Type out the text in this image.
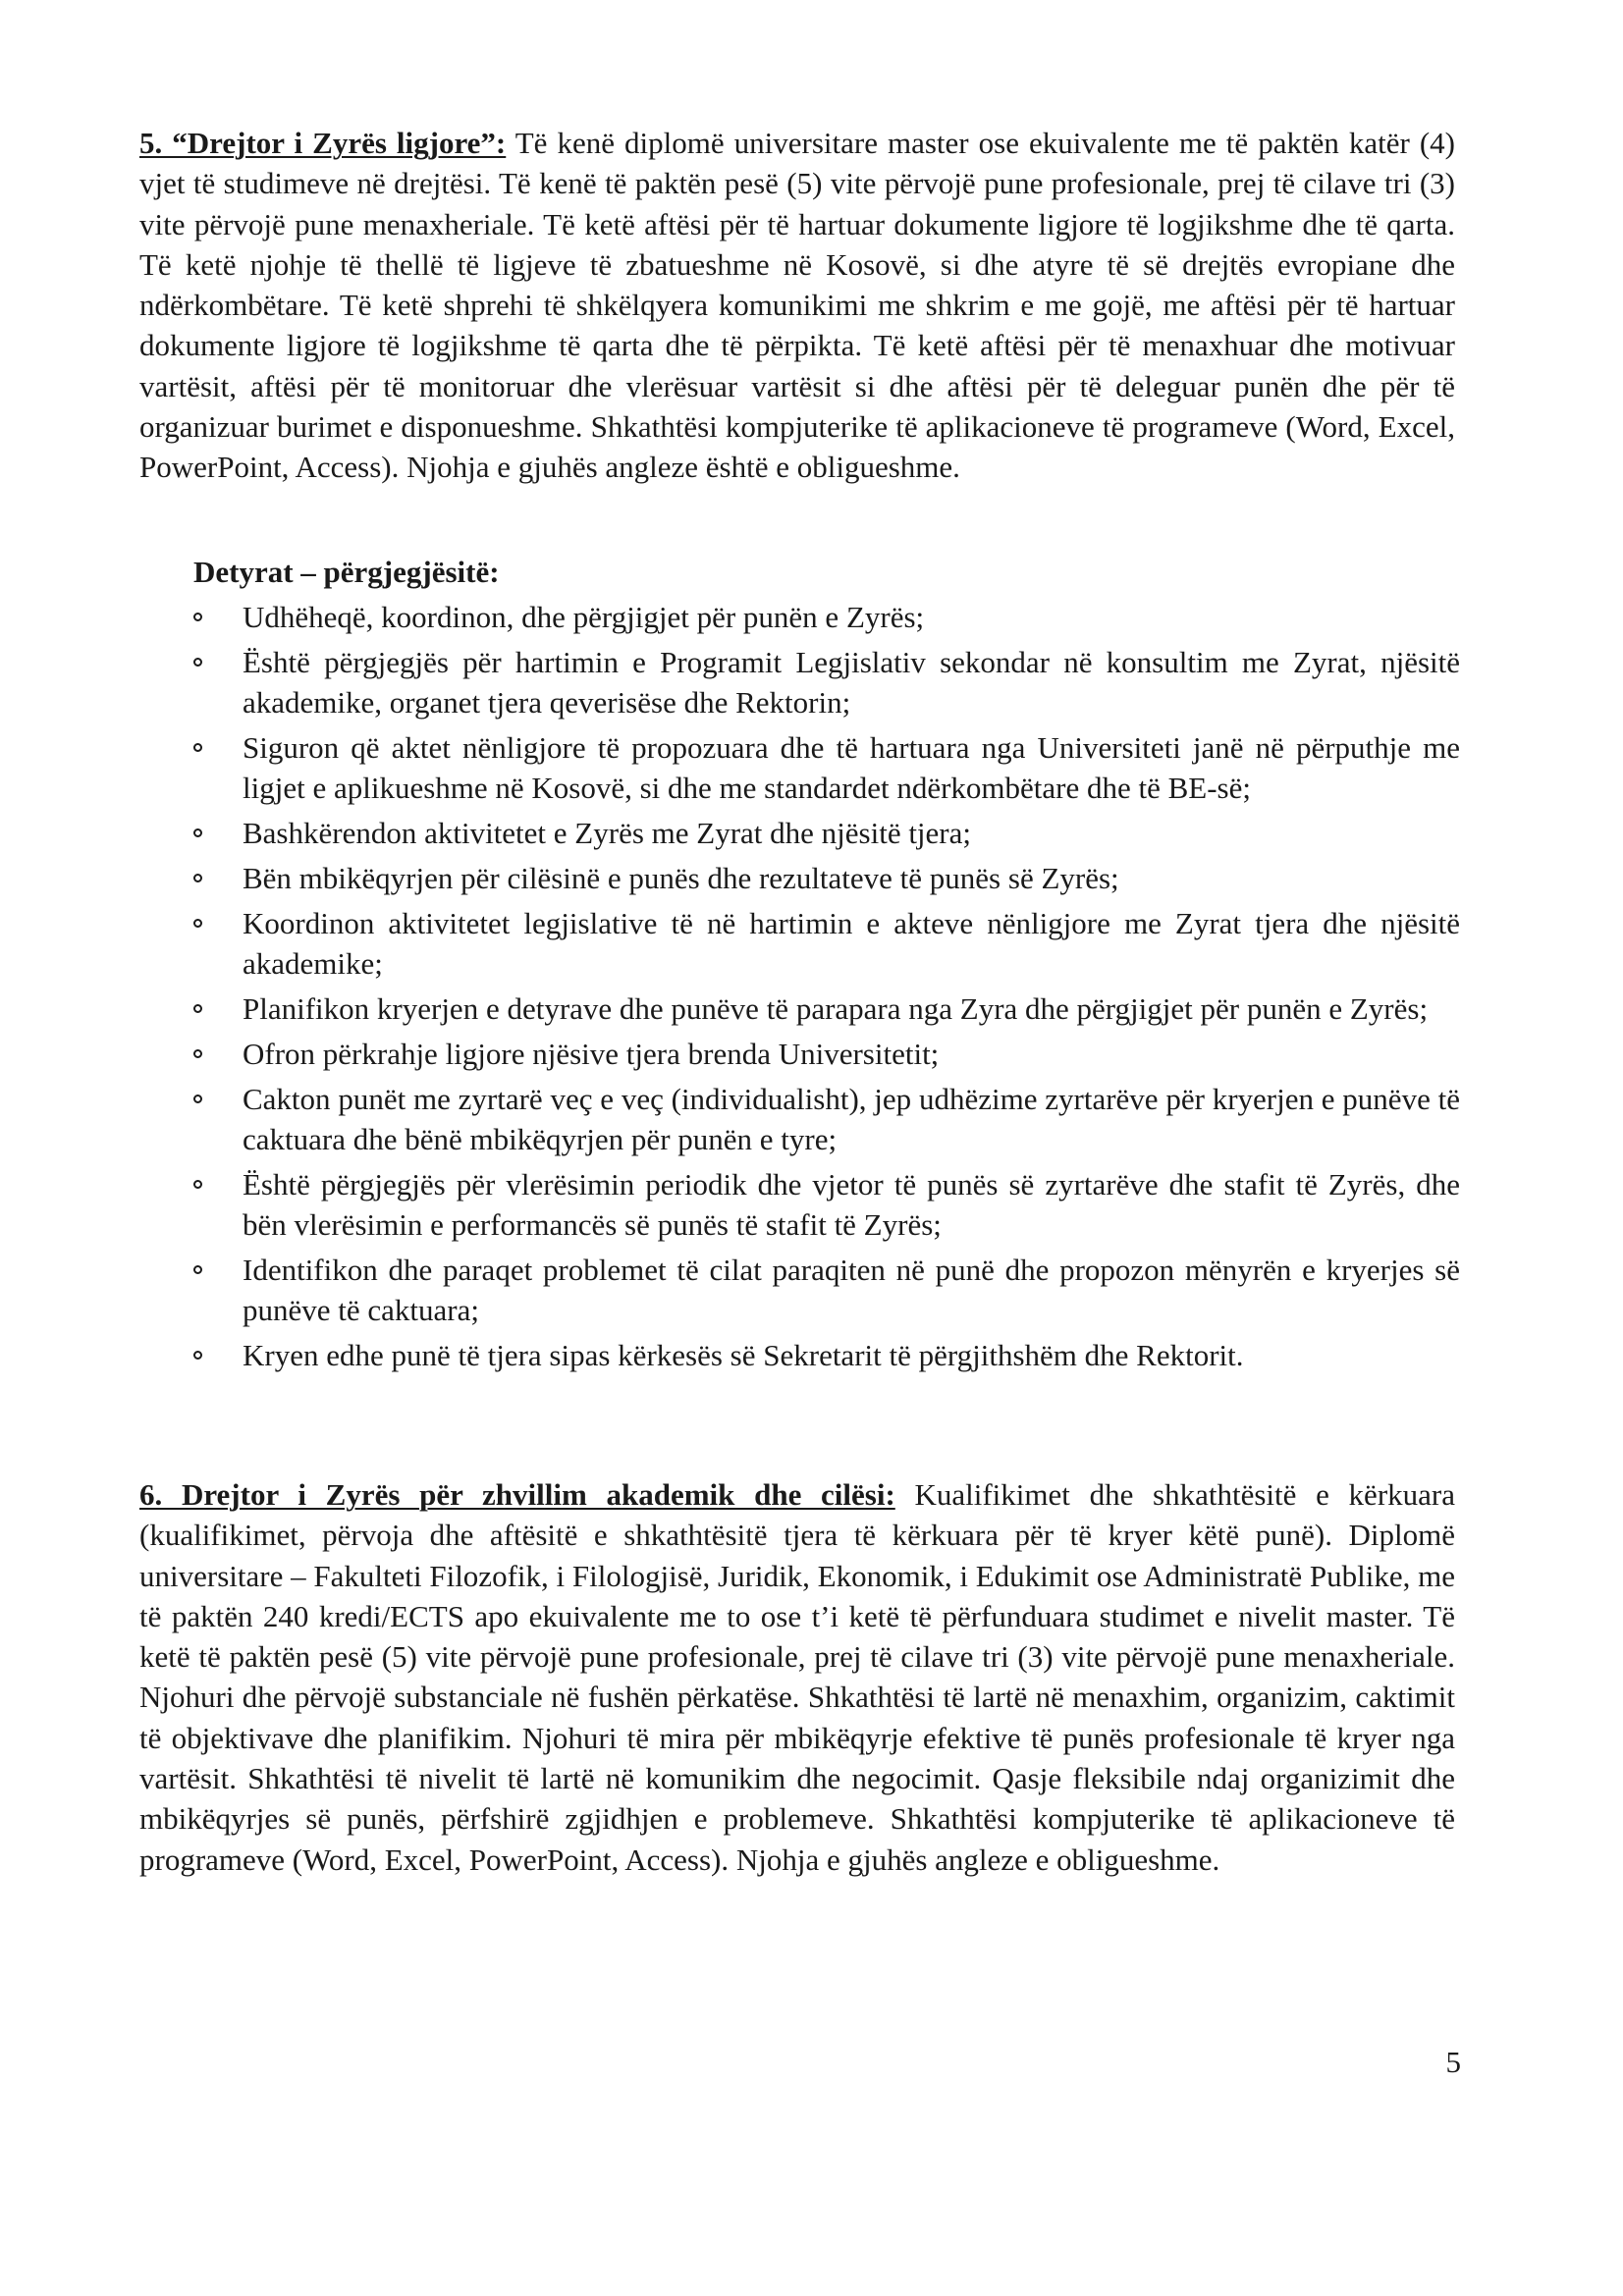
5. “Drejtor i Zyrës ligjore”: Të kenë diplomë universitare master ose ekuivalente me të paktën katër (4) vjet të studimeve në drejtësi. Të kenë të paktën pesë (5) vite përvojë pune profesionale, prej të cilave tri (3) vite përvojë pune menaxheriale. Të ketë aftësi për të hartuar dokumente ligjore të logjikshme dhe të qarta. Të ketë njohje të thellë të ligjeve të zbatueshme në Kosovë, si dhe atyre të së drejtës evropiane dhe ndërkombëtare. Të ketë shprehi të shkëlqyera komunikimi me shkrim e me gojë, me aftësi për të hartuar dokumente ligjore të logjikshme të qarta dhe të përpikta. Të ketë aftësi për të menaxhuar dhe motivuar vartësit, aftësi për të monitoruar dhe vlerësuar vartësit si dhe aftësi për të deleguar punën dhe për të organizuar burimet e disponueshme. Shkathtësi kompjuterike të aplikacioneve të programeve (Word, Excel, PowerPoint, Access). Njohja e gjuhës angleze është e obligueshme.
Detyrat – përgjegjësitë:
Udhëheqë, koordinon, dhe përgjigjet për punën e Zyrës;
Është përgjegjës për hartimin e Programit Legjislativ sekondar në konsultim me Zyrat, njësitë akademike, organet tjera qeverisëse dhe Rektorin;
Siguron që aktet nënligjore të propozuara dhe të hartuara nga Universiteti janë në përputhje me ligjet e aplikueshme në Kosovë, si dhe me standardet ndërkombëtare dhe të BE-së;
Bashkërendon aktivitetet e Zyrës me Zyrat dhe njësitë tjera;
Bën mbikëqyrjen për cilësinë e punës dhe rezultateve të punës së Zyrës;
Koordinon aktivitetet legjislative të në hartimin e akteve nënligjore me Zyrat tjera dhe njësitë akademike;
Planifikon kryerjen e detyrave dhe punëve të parapara nga Zyra dhe përgjigjet për punën e Zyrës;
Ofron përkrahje ligjore njësive tjera brenda Universitetit;
Cakton punët me zyrtarë veç e veç (individualisht), jep udhëzime zyrtarëve për kryerjen e punëve të caktuara dhe bënë mbikëqyrjen për punën e tyre;
Është përgjegjës për vlerësimin periodik dhe vjetor të punës së zyrtarëve dhe stafit të Zyrës, dhe bën vlerësimin e performancës së punës të stafit të Zyrës;
Identifikon dhe paraqet problemet të cilat paraqiten në punë dhe propozon mënyrën e kryerjes së punëve të caktuara;
Kryen edhe punë të tjera sipas kërkesës së Sekretarit të përgjithshëm dhe Rektorit.
6. Drejtor i Zyrës për zhvillim akademik dhe cilësi: Kualifikimet dhe shkathtësitë e kërkuara (kualifikimet, përvoja dhe aftësitë e shkathtësitë tjera të kërkuara për të kryer këtë punë). Diplomë universitare – Fakulteti Filozofik, i Filologjisë, Juridik, Ekonomik, i Edukimit ose Administratë Publike, me të paktën 240 kredi/ECTS apo ekuivalente me to ose t’i ketë të përfunduara studimet e nivelit master. Të ketë të paktën pesë (5) vite përvojë pune profesionale, prej të cilave tri (3) vite përvojë pune menaxheriale. Njohuri dhe përvojë substanciale në fushën përkatëse. Shkathtësi të lartë në menaxhim, organizim, caktimit të objektivave dhe planifikim. Njohuri të mira për mbikëqyrje efektive të punës profesionale të kryer nga vartësit. Shkathtësi të nivelit të lartë në komunikim dhe negocimit. Qasje fleksibile ndaj organizimit dhe mbikëqyrjes së punës, përfshirë zgjidhjen e problemeve. Shkathtësi kompjuterike të aplikacioneve të programeve (Word, Excel, PowerPoint, Access). Njohja e gjuhës angleze e obligueshme.
5
